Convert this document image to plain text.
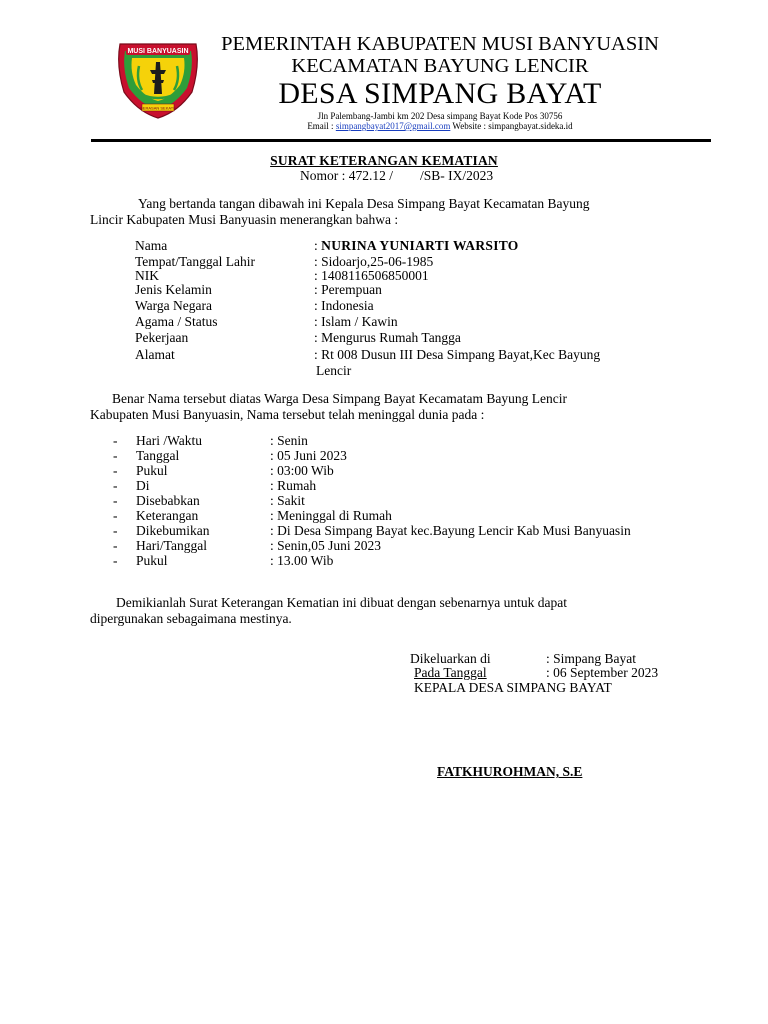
MUSI BANYUASIN
SERASAN SEKATE
PEMERINTAH KABUPATEN MUSI BANYUASIN
KECAMATAN BAYUNG LENCIR
DESA SIMPANG BAYAT
Jln Palembang-Jambi km 202 Desa simpang Bayat Kode Pos 30756
Email : simpangbayat2017@gmail.com Website : simpangbayat.sideka.id
SURAT KETERANGAN KEMATIAN
Nomor : 472.12 /        /SB- IX/2023
Yang bertanda tangan dibawah ini Kepala Desa Simpang Bayat Kecamatan Bayung
Lincir Kabupaten Musi Banyuasin menerangkan bahwa :
Nama	: NURINA YUNIARTI WARSITO
Tempat/Tanggal Lahir	: Sidoarjo,25-06-1985
NIK	: 1408116506850001
Jenis Kelamin	: Perempuan
Warga Negara	: Indonesia
Agama / Status	: Islam / Kawin
Pekerjaan	: Mengurus Rumah Tangga
Alamat	: Rt 008 Dusun III Desa Simpang Bayat,Kec Bayung
Lencir
Benar Nama tersebut diatas Warga Desa Simpang Bayat Kecamatam Bayung Lencir
Kabupaten Musi Banyuasin, Nama tersebut telah meninggal dunia pada :
- Hari /Waktu	: Senin
- Tanggal	: 05 Juni 2023
- Pukul	: 03:00 Wib
- Di	: Rumah
- Disebabkan	: Sakit
- Keterangan	: Meninggal di Rumah
- Dikebumikan	: Di Desa Simpang Bayat kec.Bayung Lencir Kab Musi Banyuasin
- Hari/Tanggal	: Senin,05 Juni 2023
- Pukul	: 13.00 Wib
Demikianlah Surat Keterangan Kematian ini dibuat dengan sebenarnya untuk dapat
dipergunakan sebagaimana mestinya.
Dikeluarkan di	: Simpang Bayat
Pada Tanggal	: 06 September 2023
KEPALA DESA SIMPANG BAYAT
FATKHUROHMAN, S.E
